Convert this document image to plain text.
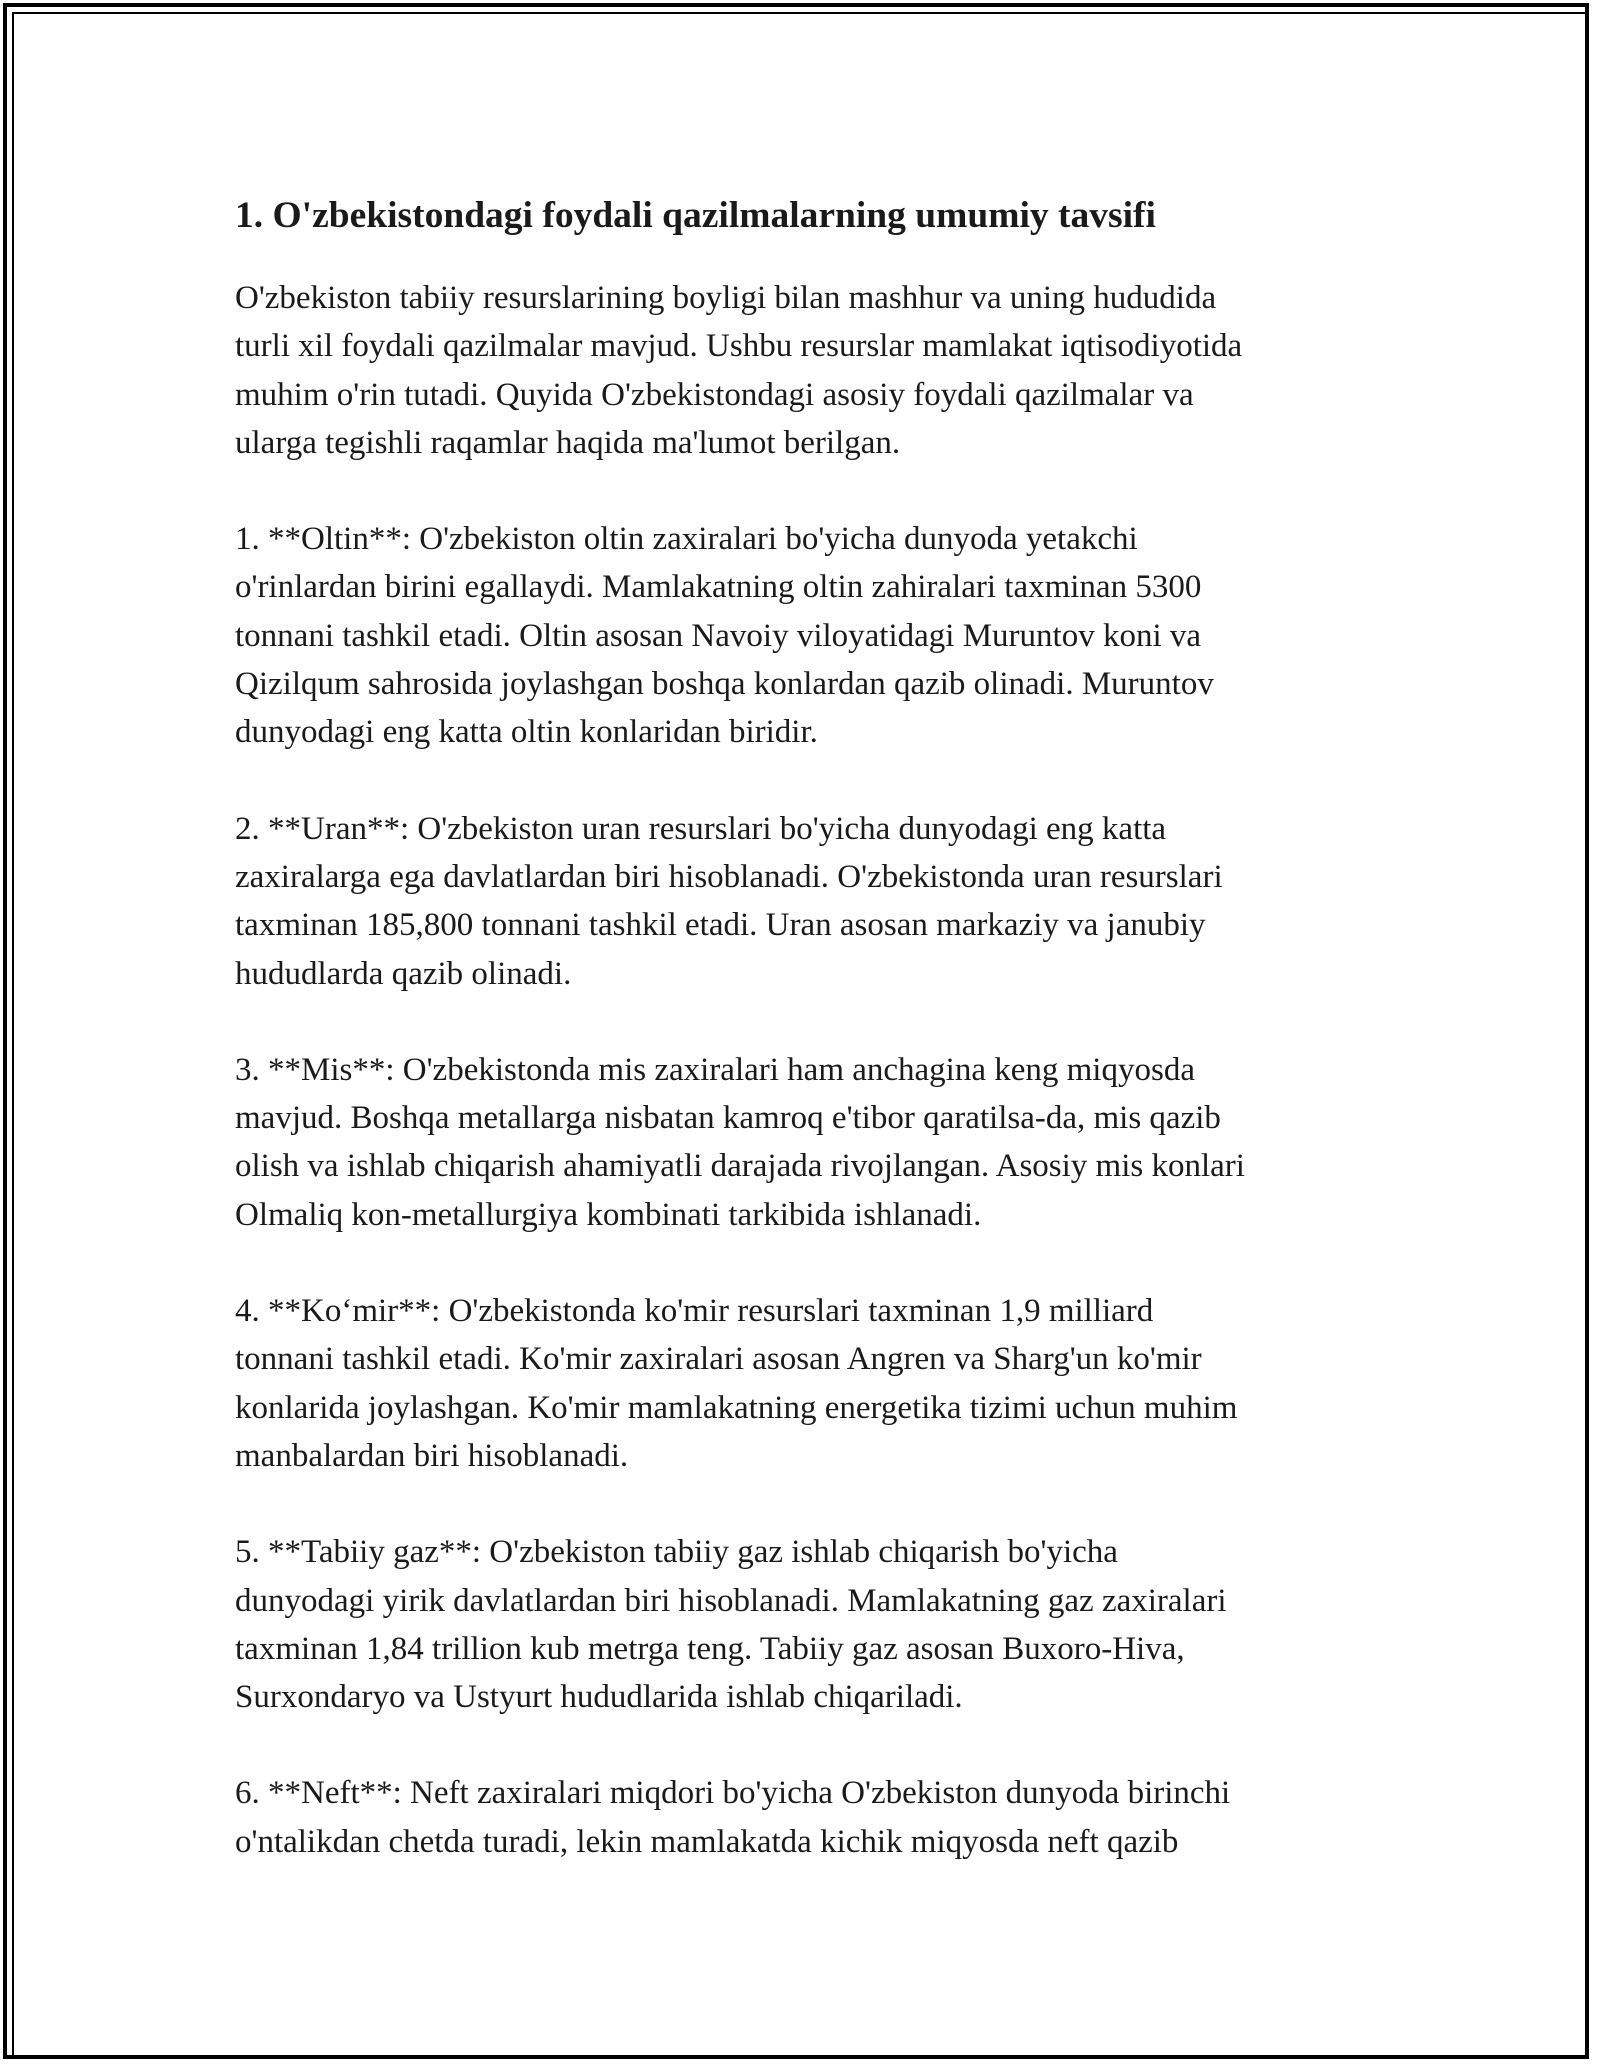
1. O'zbekistondagi foydali qazilmalarning umumiy tavsifi

O'zbekiston tabiiy resurslarining boyligi bilan mashhur va uning hududida
turli xil foydali qazilmalar mavjud. Ushbu resurslar mamlakat iqtisodiyotida
muhim o'rin tutadi. Quyida O'zbekistondagi asosiy foydali qazilmalar va
ularga tegishli raqamlar haqida ma'lumot berilgan.

1. **Oltin**: O'zbekiston oltin zaxiralari bo'yicha dunyoda yetakchi
o'rinlardan birini egallaydi. Mamlakatning oltin zahiralari taxminan 5300
tonnani tashkil etadi. Oltin asosan Navoiy viloyatidagi Muruntov koni va
Qizilqum sahrosida joylashgan boshqa konlardan qazib olinadi. Muruntov
dunyodagi eng katta oltin konlaridan biridir.

2. **Uran**: O'zbekiston uran resurslari bo'yicha dunyodagi eng katta
zaxiralarga ega davlatlardan biri hisoblanadi. O'zbekistonda uran resurslari
taxminan 185,800 tonnani tashkil etadi. Uran asosan markaziy va janubiy
hududlarda qazib olinadi.

3. **Mis**: O'zbekistonda mis zaxiralari ham anchagina keng miqyosda
mavjud. Boshqa metallarga nisbatan kamroq e'tibor qaratilsa-da, mis qazib
olish va ishlab chiqarish ahamiyatli darajada rivojlangan. Asosiy mis konlari
Olmaliq kon-metallurgiya kombinati tarkibida ishlanadi.

4. **Koʻmir**: O'zbekistonda ko'mir resurslari taxminan 1,9 milliard
tonnani tashkil etadi. Ko'mir zaxiralari asosan Angren va Sharg'un ko'mir
konlarida joylashgan. Ko'mir mamlakatning energetika tizimi uchun muhim
manbalardan biri hisoblanadi.

5. **Tabiiy gaz**: O'zbekiston tabiiy gaz ishlab chiqarish bo'yicha
dunyodagi yirik davlatlardan biri hisoblanadi. Mamlakatning gaz zaxiralari
taxminan 1,84 trillion kub metrga teng. Tabiiy gaz asosan Buxoro-Hiva,
Surxondaryo va Ustyurt hududlarida ishlab chiqariladi.

6. **Neft**: Neft zaxiralari miqdori bo'yicha O'zbekiston dunyoda birinchi
o'ntalikdan chetda turadi, lekin mamlakatda kichik miqyosda neft qazib
